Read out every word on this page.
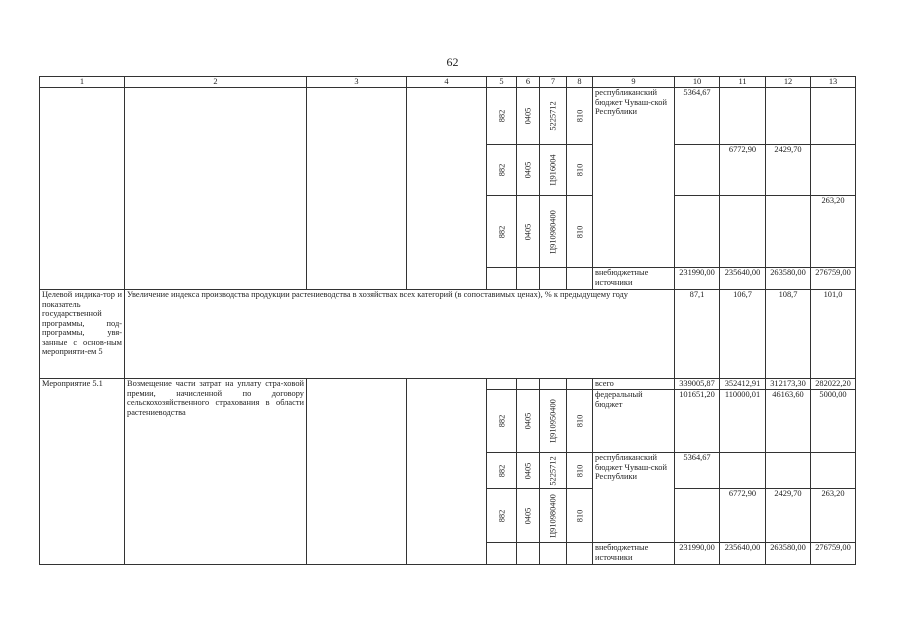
62
1	2	3	4	5	6	7	8	9	10	11	12	13

				882	0405	5225712	810	республиканский бюджет Чуваш-ской Республики	5364,67			

				882	0405	Ц916004	810			6772,90	2429,70	

				882	0405	Ц910980400	810					263,20
								внебюджетные источники	231990,00	235640,00	263580,00	276759,00
Целевой индика-тор и показатель государственной программы, под-программы, увя-занные с основ-ным мероприяти-ем 5	Увеличение индекса производства продукции растениеводства в хозяйствах всех категорий (в сопоставимых ценах), % к предыдущему году								87,1	106,7	108,7	101,0
Мероприятие 5.1	Возмещение части затрат на уплату стра-ховой премии, начисленной по договору сельскохозяйственного страхования в области растениеводства							всего	339005,87	352412,91	312173,30	282022,20

				882	0405	Ц910950400	810	федеральный бюджет	101651,20	110000,01	46163,60	5000,00

				882	0405	5225712	810	республиканский бюджет Чуваш-ской Республики	5364,67			

				882	0405	Ц910980400	810			6772,90	2429,70	263,20
								внебюджетные источники	231990,00	235640,00	263580,00	276759,00
